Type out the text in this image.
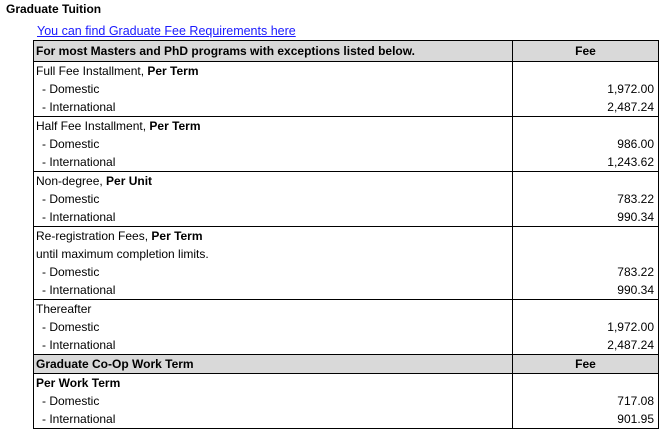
Graduate Tuition
You can find Graduate Fee Requirements here
For most Masters and PhD programs with exceptions listed below.	Fee
Full Fee Installment, Per Term	
- Domestic	1,972.00
- International	2,487.24
Half Fee Installment, Per Term	
- Domestic	986.00
- International	1,243.62
Non-degree, Per Unit	
- Domestic	783.22
- International	990.34
Re-registration Fees, Per Term	
until maximum completion limits.	
- Domestic	783.22
- International	990.34
Thereafter	
- Domestic	1,972.00
- International	2,487.24
Graduate Co-Op Work Term	Fee
Per Work Term	
- Domestic	717.08
- International	901.95
